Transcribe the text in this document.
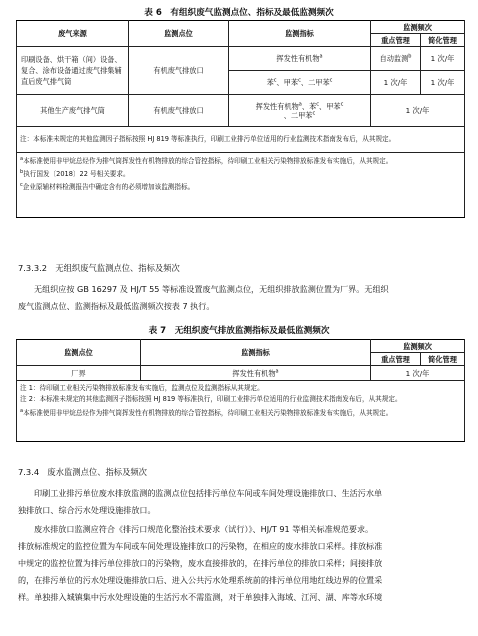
表 6　有组织废气监测点位、指标及最低监测频次
废气来源	监测点位	监测指标	监测频次	
			重点管理	简化管理
印刷设备、烘干箱（间）设备、复合、涂布设备通过废气排集辅直后废气排气筒	有机废气排放口	挥发性有机物$^a$	自动监测$^b$	1 次/年
		苯$^c$、甲苯$^c$、二甲苯$^c$	1 次/年	1 次/年
其他生产废气排气筒	有机废气排放口	挥发性有机物$^a$、苯$^c$、甲苯$^c$
、二甲苯$^c$	1 次/年	
注：本标准未规定的其他监测因子指标按照 HJ 819 等标准执行，印刷工业排污单位适用的行业监测技术指南发布后，从其规定。				

$^a$本标准使用非甲烷总烃作为排气筒挥发性有机物排放的综合管控指标，待印刷工业相关污染物排放标准发布实施后，从其规定。
$^b$执行国发〔2018〕22 号相关要求。
$^c$企业原辅材料检测报告中确定含有的必须增加该监测指标。				
7.3.3.2　无组织废气监测点位、指标及频次
无组织应按 GB 16297 及 HJ/T 55 等标准设置废气监测点位，无组织排放监测位置为厂界。无组织
废气监测点位、监测指标及最低监测频次按表 7 执行。
表 7　无组织废气排放监测指标及最低监测频次
监测点位	监测指标	监测频次	
		重点管理	简化管理
厂界	挥发性有机物$^a$	1 次/年	

注 1：待印刷工业相关污染物排放标准发布实施后，监测点位及监测指标从其规定。
注 2：本标准未规定的其他监测因子指标按照 HJ 819 等标准执行，印刷工业排污单位适用的行业监测技术指南发布后，从其规定。
$^a$本标准使用非甲烷总烃作为排气筒挥发性有机物排放的综合管控指标，待印刷工业相关污染物排放标准发布实施后，从其规定。			
7.3.4　废水监测点位、指标及频次
印刷工业排污单位废水排放监测的监测点位包括排污单位车间或车间处理设施排放口、生活污水单
独排放口、综合污水处理设施排放口。
废水排放口监测应符合《排污口规范化整治技术要求（试行）》、HJ/T 91 等相关标准规范要求。
排放标准规定的监控位置为车间或车间处理设施排放口的污染物，在相应的废水排放口采样。排放标准
中规定的监控位置为排污单位排放口的污染物，废水直接排放的，在排污单位的排放口采样；间接排放
的，在排污单位的污水处理设施排放口后、进入公共污水处理系统前的排污单位用地红线边界的位置采
样。单独排入城镇集中污水处理设施的生活污水不需监测，对于单独排入海域、江河、湖、库等水环境
